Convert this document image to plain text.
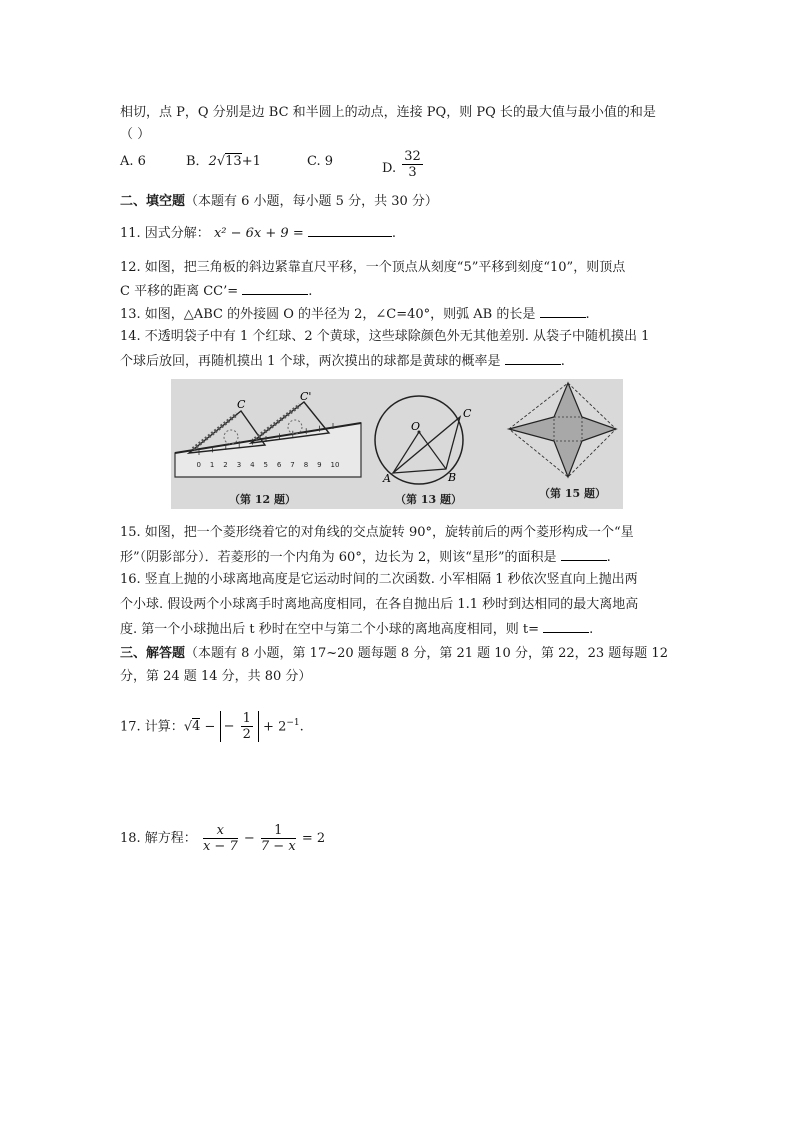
相切，点 P，Q 分别是边 BC 和半圆上的动点，连接 PQ，则 PQ 长的最大值与最小值的和是
（ ）
A. 6	B．2√13+1	C. 9	D. $\frac{32}{3}$
二、填空题（本题有 6 小题，每小题 5 分，共 30 分）
11. 因式分解： x² − 6x + 9 =	.
12. 如图，把三角板的斜边紧靠直尺平移，一个顶点从刻度“5”平移到刻度“10”，则顶点
C 平移的距离 CC’=	.
13. 如图，△ABC 的外接圆 O 的半径为 2，∠C=40°，则弧 AB 的长是	.
14. 不透明袋子中有 1 个红球、2 个黄球，这些球除颜色外无其他差别. 从袋子中随机摸出 1
个球后放回，再随机摸出 1 个球，两次摸出的球都是黄球的概率是	.
0 1 2 3 4 5 6 7 8 9 10
C
C'
O
A	B
C
（第 12 题）	（第 13 题）	（第 15 题）
15. 如图，把一个菱形绕着它的对角线的交点旋转 90°，旋转前后的两个菱形构成一个“星
形”（阴影部分）．若菱形的一个内角为 60°，边长为 2，则该“星形”的面积是	.
16. 竖直上抛的小球离地高度是它运动时间的二次函数. 小军相隔 1 秒依次竖直向上抛出两
个小球. 假设两个小球离手时离地高度相同，在各自抛出后 1.1 秒时到达相同的最大离地高
度. 第一个小球抛出后 t 秒时在空中与第二个小球的离地高度相同，则 t=	.
三、解答题（本题有 8 小题，第 17~20 题每题 8 分，第 21 题 10 分，第 22，23 题每题 12
分，第 24 题 14 分，共 80 分）
17. 计算：√4 − − $\frac{1}{2} + 2^{-1}$.
18. 解方程： $\frac{x}{x - 7} - \frac{1}{7 - x} = 2$
